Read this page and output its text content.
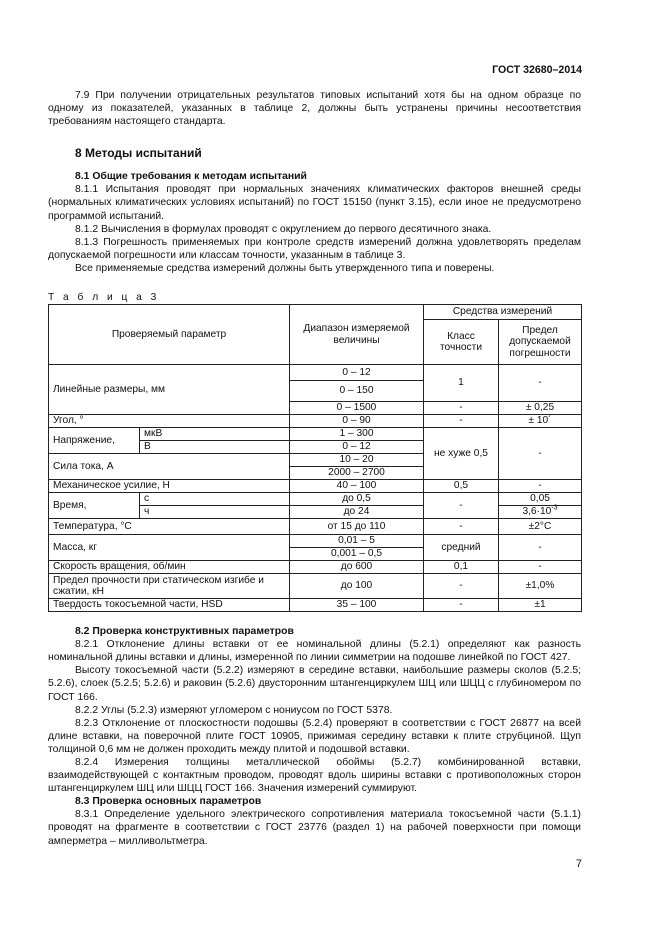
ГОСТ 32680–2014

7.9 При получении отрицательных результатов типовых испытаний хотя бы на одном образце по одному из показателей, указанных в таблице 2, должны быть устранены причины несоответствия требованиям настоящего стандарта.

8 Методы испытаний

8.1 Общие требования к методам испытаний

8.1.1 Испытания проводят при нормальных значениях климатических факторов внешней среды (нормальных климатических условиях испытаний) по ГОСТ 15150 (пункт 3.15), если иное не предусмотрено программой испытаний.

8.1.2 Вычисления в формулах проводят с округлением до первого десятичного знака.

8.1.3 Погрешность применяемых при контроле средств измерений должна удовлетворять пределам допускаемой погрешности или классам точности, указанным в таблице 3.

Все применяемые средства измерений должны быть утвержденного типа и поверены.

Т а б л и ц а 3
Проверяемый параметр		Диапазон измеряемой величины	Средства измерений	
			Класс точности	Предел допускаемой погрешности
Линейные размеры, мм		0 – 12	1	-
		0 – 150		
		0 – 1500	-	± 0,25
Угол, °		0 – 90	-	± 10´
Напряжение,	мкВ	1 – 300	не хуже 0,5	-
	В	0 – 12		
Сила тока, А		10 – 20		
		2000 – 2700		
Механическое усилие, Н		40 – 100	0,5	-
Время,	с	до 0,5	-	0,05
	ч	до 24		$3,6\cdot 10^{-3}$
Температура, °C		от 15 до 110	-	±2°C
Масса, кг		0,01 – 5	средний	-
		0,001 – 0,5		
Скорость вращения, об/мин		до 600	0,1	-
Предел прочности при статическом изгибе и сжатии, кН		до 100	-	±1,0%
Твердость токосъемной части, HSD		35 – 100	-	±1

8.2 Проверка конструктивных параметров

8.2.1 Отклонение длины вставки от ее номинальной длины (5.2.1) определяют как разность номинальной длины вставки и длины, измеренной по линии симметрии на подошве линейкой по ГОСТ 427.

Высоту токосъемной части (5.2.2) измеряют в середине вставки, наибольшие размеры сколов (5.2.5; 5.2.6), слоек (5.2.5; 5.2.6) и раковин (5.2.6) двусторонним штангенциркулем ШЦ или ШЦЦ с глубиномером по ГОСТ 166.

8.2.2 Углы (5.2.3) измеряют угломером с нониусом по ГОСТ 5378.

8.2.3 Отклонение от плоскостности подошвы (5.2.4) проверяют в соответствии с ГОСТ 26877 на всей длине вставки, на поверочной плите ГОСТ 10905, прижимая середину вставки к плите струбциной. Щуп толщиной 0,6 мм не должен проходить между плитой и подошвой вставки.

8.2.4 Измерения толщины металлической обоймы (5.2.7) комбинированной вставки, взаимодействующей с контактным проводом, проводят вдоль ширины вставки с противоположных сторон штангенциркулем ШЦ или ШЦЦ ГОСТ 166. Значения измерений суммируют.

8.3 Проверка основных параметров

8.3.1 Определение удельного электрического сопротивления материала токосъемной части (5.1.1) проводят на фрагменте в соответствии с ГОСТ 23776 (раздел 1) на рабочей поверхности при помощи амперметра – милливольтметра.

7
